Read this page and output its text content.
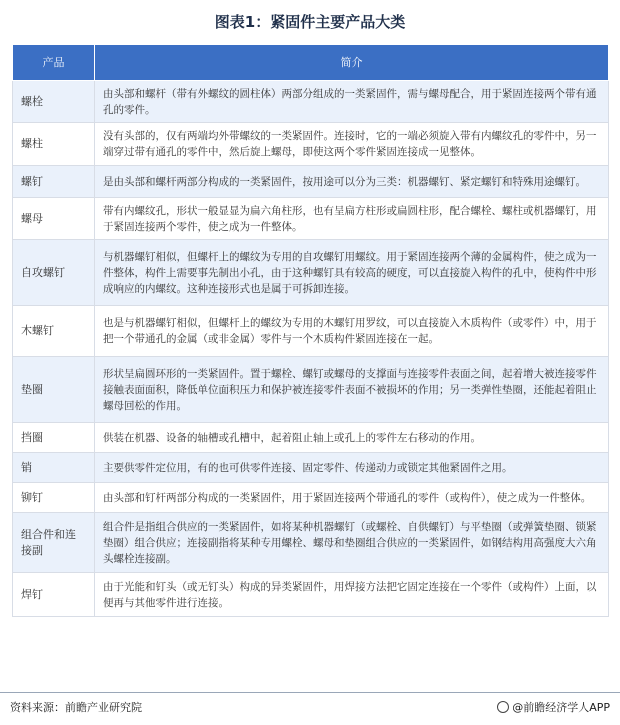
图表1：紧固件主要产品大类
产品	简介
螺栓	由头部和螺杆（带有外螺纹的圆柱体）两部分组成的一类紧固件，需与螺母配合，用于紧固连接两个带有通孔的零件。
螺柱	没有头部的，仅有两端均外带螺纹的一类紧固件。连接时，它的一端必须旋入带有内螺纹孔的零件中，另一端穿过带有通孔的零件中，然后旋上螺母，即使这两个零件紧固连接成一见整体。
螺钉	是由头部和螺杆两部分构成的一类紧固件，按用途可以分为三类：机器螺钉、紧定螺钉和特殊用途螺钉。
螺母	带有内螺纹孔，形状一般显显为扁六角柱形，也有呈扁方柱形或扁圆柱形，配合螺栓、螺柱或机器螺钉，用于紧固连接两个零件，使之成为一件整体。
自攻螺钉	与机器螺钉相似，但螺杆上的螺纹为专用的自攻螺钉用螺纹。用于紧固连接两个薄的金属构件，使之成为一件整体，构件上需要事先制出小孔，由于这种螺钉具有较高的硬度，可以直接旋入构件的孔中，使构件中形成响应的内螺纹。这种连接形式也是属于可拆卸连接。
木螺钉	也是与机器螺钉相似，但螺杆上的螺纹为专用的木螺钉用罗纹，可以直接旋入木质构件（或零件）中，用于把一个带通孔的金属（或非金属）零件与一个木质构件紧固连接在一起。
垫圈	形状呈扁圆环形的一类紧固件。置于螺栓、螺钉或螺母的支撑面与连接零件表面之间，起着增大被连接零件接触表面面积，降低单位面积压力和保护被连接零件表面不被损坏的作用；另一类弹性垫圈，还能起着阻止螺母回松的作用。
挡圈	供装在机器、设备的轴槽或孔槽中，起着阻止轴上或孔上的零件左右移动的作用。
销	主要供零件定位用，有的也可供零件连接、固定零件、传递动力或锁定其他紧固件之用。
铆钉	由头部和钉杆两部分构成的一类紧固件，用于紧固连接两个带通孔的零件（或构件），使之成为一件整体。
组合件和连接副	组合件是指组合供应的一类紧固件，如将某种机器螺钉（或螺栓、自供螺钉）与平垫圈（或弹簧垫圈、锁紧垫圈）组合供应；连接副指将某种专用螺栓、螺母和垫圈组合供应的一类紧固件，如钢结构用高强度大六角头螺栓连接副。
焊钉	由于光能和钉头（或无钉头）构成的异类紧固件，用焊接方法把它固定连接在一个零件（或构件）上面，以便再与其他零件进行连接。
资料来源：前瞻产业研究院	@前瞻经济学人APP
